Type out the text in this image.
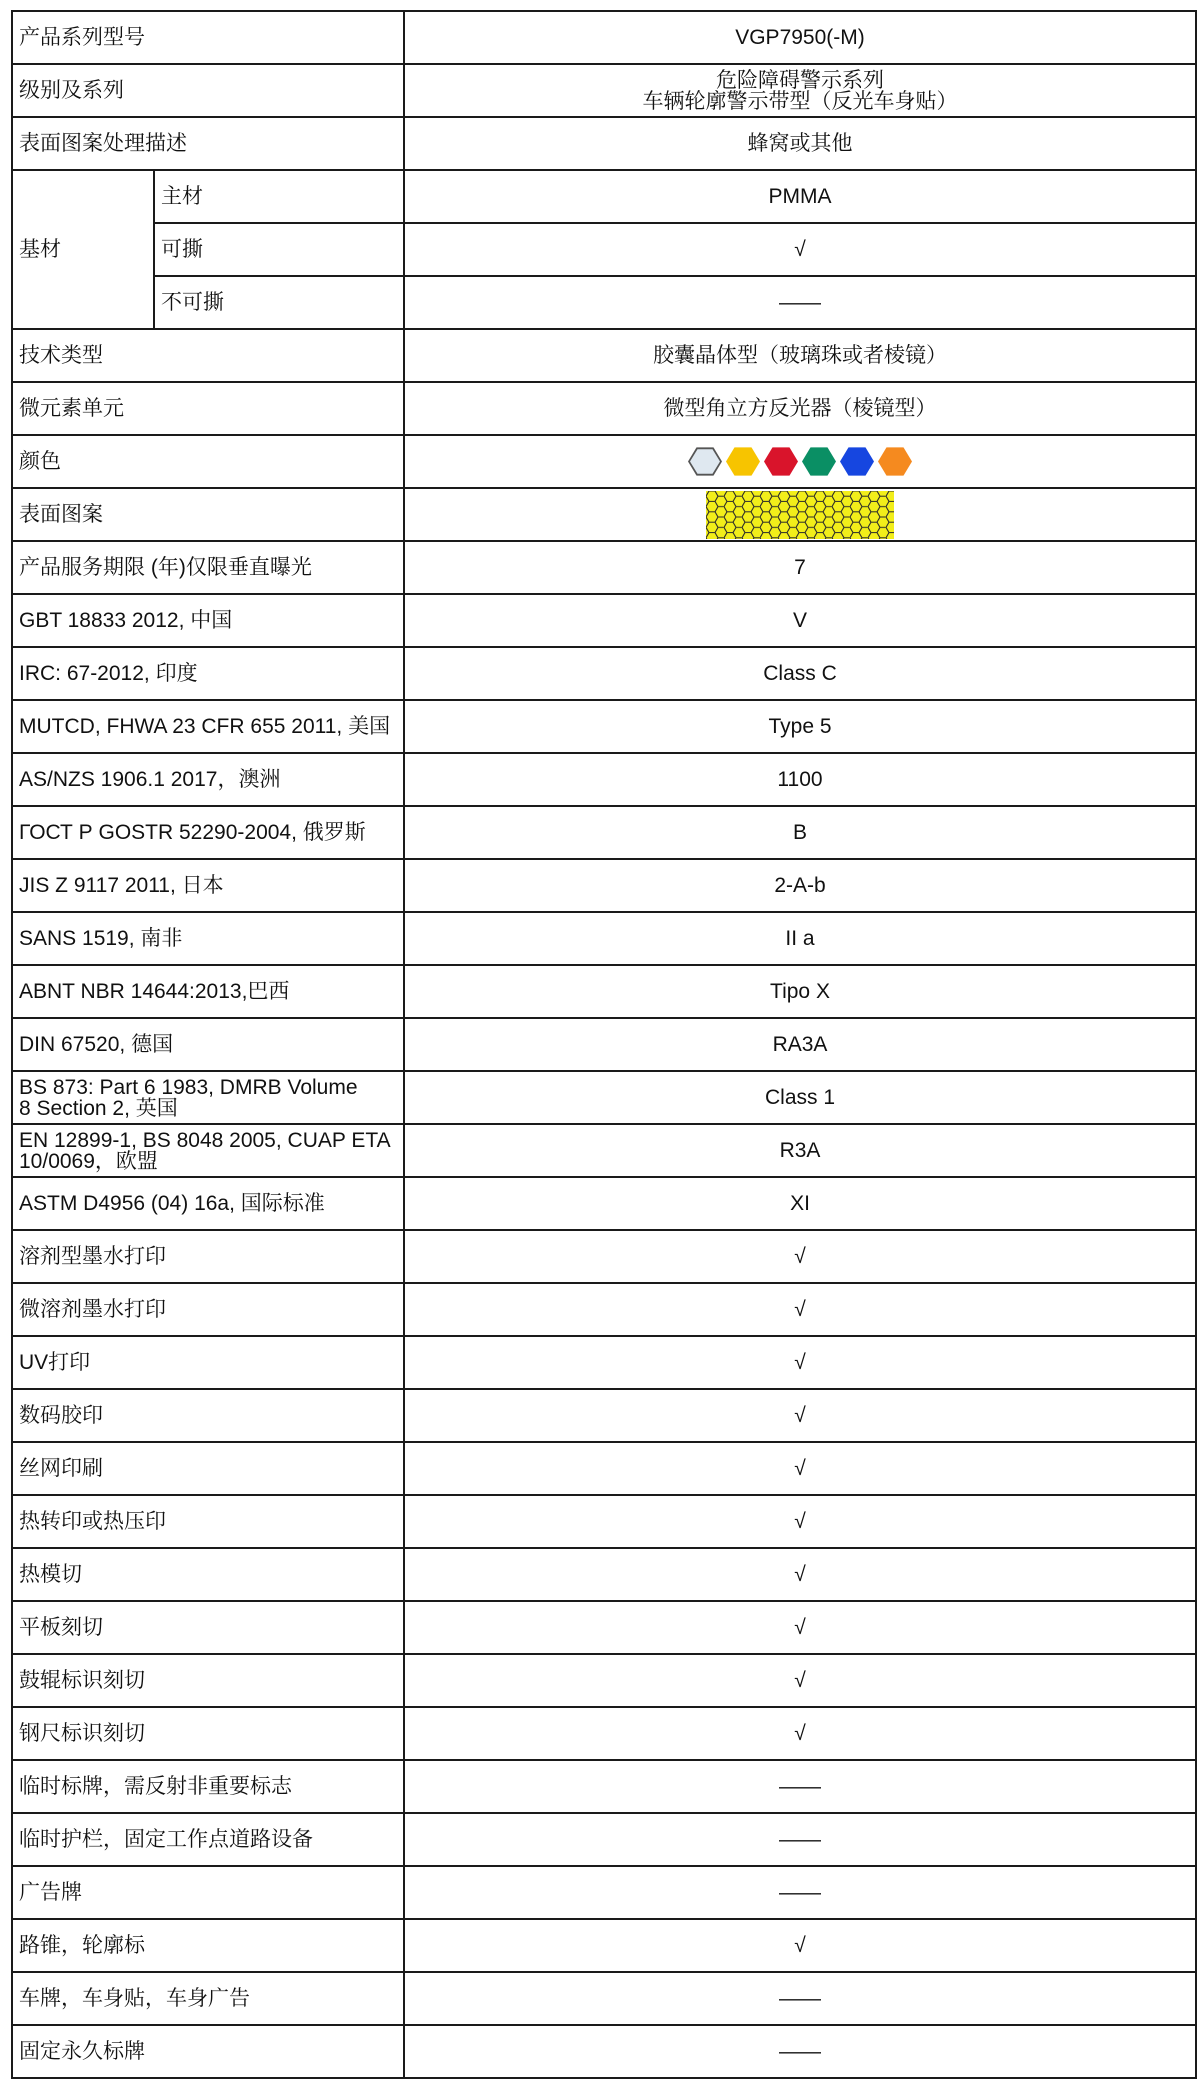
产品系列型号		VGP7950(-M)
级别及系列		危险障碍警示系列
车辆轮廓警示带型（反光车身贴）

表面图案处理描述		蜂窝或其他
基材	主材	PMMA
	可撕	√
	不可撕	——
技术类型		胶囊晶体型（玻璃珠或者棱镜）
微元素单元		微型角立方反光器（棱镜型）
颜色		

表面图案	

产品服务期限 (年)仅限垂直曝光		7
GBT 18833 2012, 中国		V
IRC: 67-2012, 印度		Class C
MUTCD, FHWA 23 CFR 655 2011, 美国		Type 5
AS/NZS 1906.1 2017，澳洲		1100
ГОСТ Р GOSTR 52290-2004, 俄罗斯		B
JIS Z 9117 2011, 日本		2-A-b
SANS 1519, 南非		II a
ABNT NBR 14644:2013,巴西		Tipo X
DIN 67520, 德国		RA3A

BS 873: Part 6 1983, DMRB Volume
8 Section 2, 英国		Class 1

EN 12899-1, BS 8048 2005, CUAP ETA
10/0069，欧盟		R3A
ASTM D4956 (04) 16a, 国际标准		XI
溶剂型墨水打印		√
微溶剂墨水打印		√
UV打印		√
数码胶印		√
丝网印刷		√
热转印或热压印		√
热模切		√
平板刻切		√
鼓辊标识刻切		√
钢尺标识刻切		√
临时标牌，需反射非重要标志		——
临时护栏，固定工作点道路设备		——
广告牌		——
路锥，轮廓标		√
车牌，车身贴，车身广告		——
固定永久标牌		——
